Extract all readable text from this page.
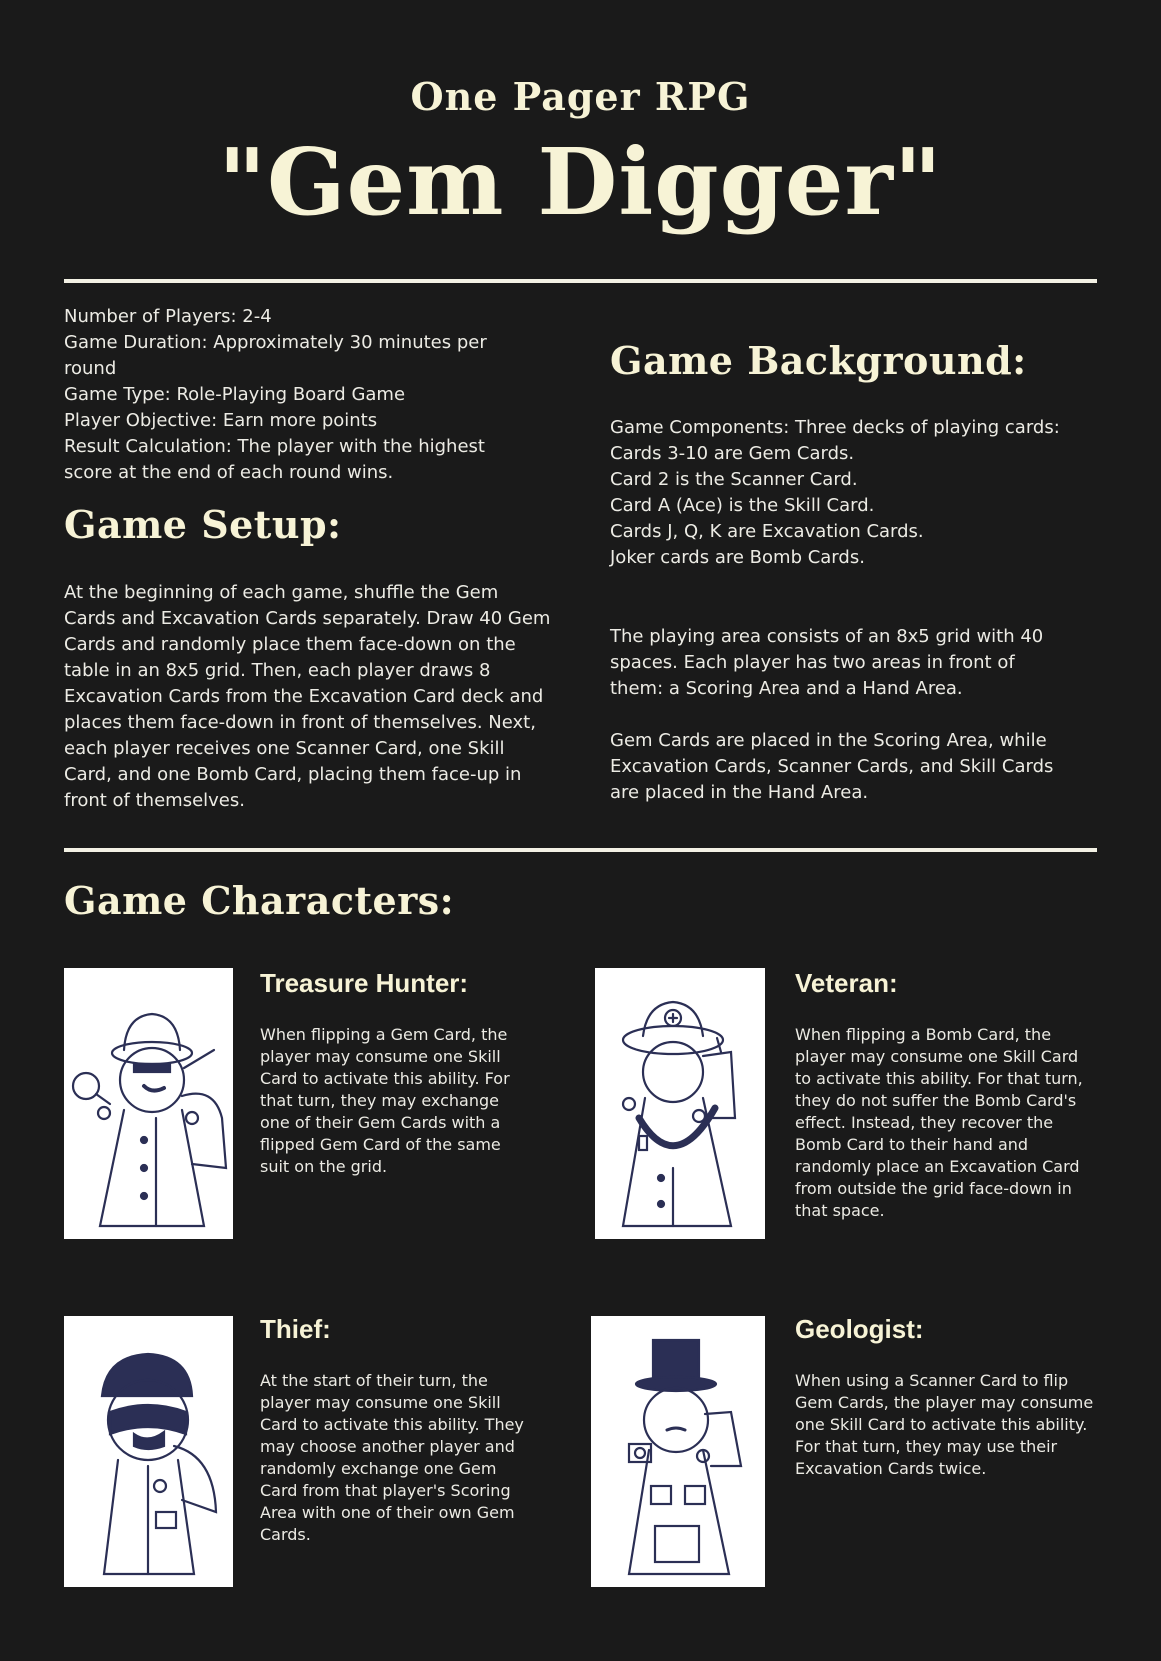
One Pager RPG
"Gem Digger"
Number of Players: 2-4
Game Duration: Approximately 30 minutes per round
Game Type: Role-Playing Board Game
Player Objective: Earn more points
Result Calculation: The player with the highest score at the end of each round wins.
Game Setup:

At the beginning of each game, shuffle the Gem Cards and Excavation Cards separately. Draw 40 Gem Cards and randomly place them face-down on the table in an 8x5 grid. Then, each player draws 8 Excavation Cards from the Excavation Card deck and places them face-down in front of themselves. Next, each player receives one Scanner Card, one Skill Card, and one Bomb Card, placing them face-up in front of themselves.

Game Background:
Game Components: Three decks of playing cards:
Cards 3-10 are Gem Cards.
Card 2 is the Scanner Card.
Card A (Ace) is the Skill Card.
Cards J, Q, K are Excavation Cards.
Joker cards are Bomb Cards.

The playing area consists of an 8x5 grid with 40 spaces. Each player has two areas in front of them: a Scoring Area and a Hand Area.

Gem Cards are placed in the Scoring Area, while Excavation Cards, Scanner Cards, and Skill Cards are placed in the Hand Area.

Game Characters:
Treasure Hunter:
When flipping a Gem Card, the player may consume one Skill Card to activate this ability. For that turn, they may exchange one of their Gem Cards with a flipped Gem Card of the same suit on the grid.
Veteran:
When flipping a Bomb Card, the player may consume one Skill Card to activate this ability. For that turn, they do not suffer the Bomb Card's effect. Instead, they recover the Bomb Card to their hand and randomly place an Excavation Card from outside the grid face-down in that space.
Thief:
At the start of their turn, the player may consume one Skill Card to activate this ability. They may choose another player and randomly exchange one Gem Card from that player's Scoring Area with one of their own Gem Cards.
Geologist:
When using a Scanner Card to flip Gem Cards, the player may consume one Skill Card to activate this ability. For that turn, they may use their Excavation Cards twice.
